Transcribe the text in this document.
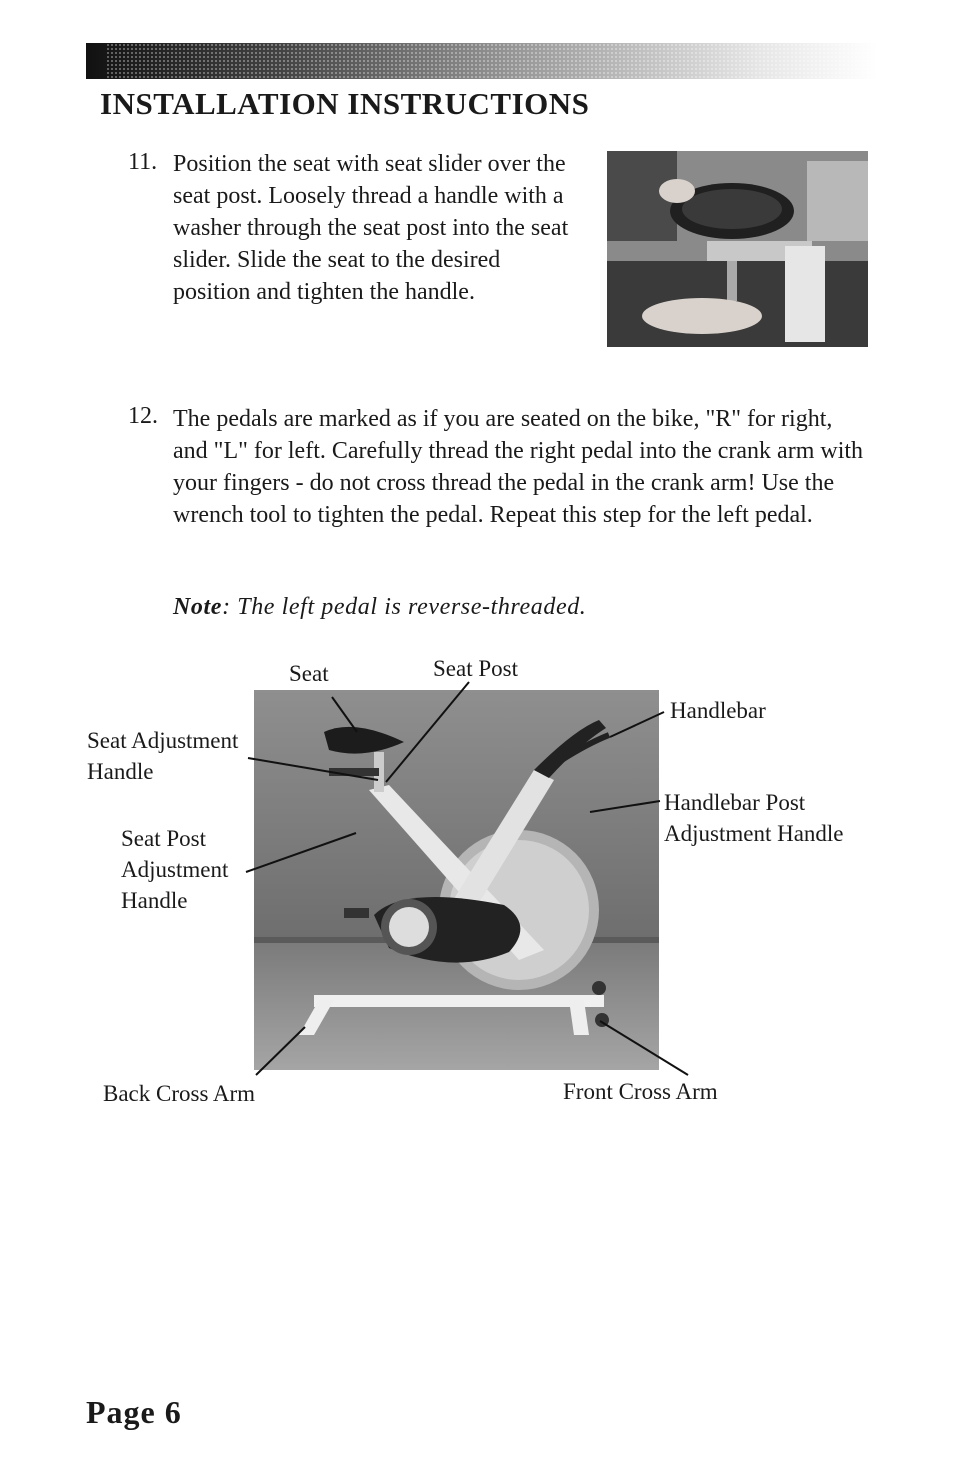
INSTALLATION INSTRUCTIONS
11. Position the seat with seat slider over the seat post. Loosely thread a handle with a washer through the seat post into the seat slider. Slide the seat to the desired position and tighten the handle.
12. The pedals are marked as if you are seated on the bike, "R" for right, and "L" for left. Carefully thread the right pedal into the crank arm with your fingers - do not cross thread the pedal in the crank arm! Use the wrench tool to tighten the pedal. Repeat this step for the left pedal.
Note: The left pedal is reverse-threaded.
Seat	Seat Post
Handlebar
Seat Adjustment
Handle
Handlebar Post
Adjustment Handle
Seat Post
Adjustment
Handle
Back Cross Arm	Front Cross Arm
Page 6
